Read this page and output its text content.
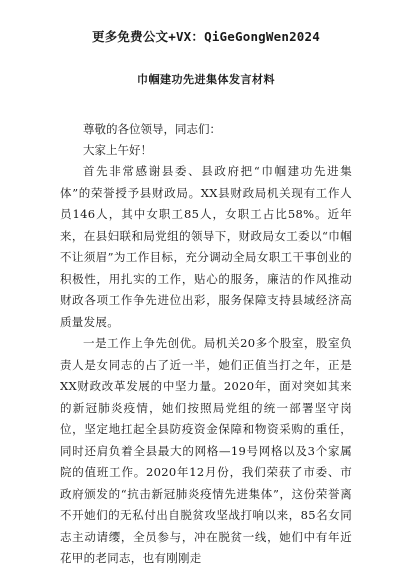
更多免费公文+VX：QiGeGongWen2024
巾帼建功先进集体发言材料

尊敬的各位领导，同志们：

大家上午好！

首先非常感谢县委、县政府把“巾帼建功先进集体”的荣誉授予县财政局。XX县财政局机关现有工作人员146人，其中女职工85人，女职工占比58%。近年来，在县妇联和局党组的领导下，财政局女工委以“巾帼不让须眉”为工作目标，充分调动全局女职工干事创业的积极性，用扎实的工作，贴心的服务，廉洁的作风推动财政各项工作争先进位出彩，服务保障支持县域经济高质量发展。

一是工作上争先创优。局机关20多个股室，股室负责人是女同志的占了近一半，她们正值当打之年，正是XX财政改革发展的中坚力量。2020年，面对突如其来的新冠肺炎疫情，她们按照局党组的统一部署坚守岗位，坚定地扛起全县防疫资金保障和物资采购的重任，同时还肩负着全县最大的网格—19号网格以及3个家属院的值班工作。2020年12月份，我们荣获了市委、市政府颁发的“抗击新冠肺炎疫情先进集体”，这份荣誉离不开她们的无私付出自脱贫攻坚战打响以来，85名女同志主动请缨，全员参与，冲在脱贫一线，她们中有年近花甲的老同志，也有刚刚走
